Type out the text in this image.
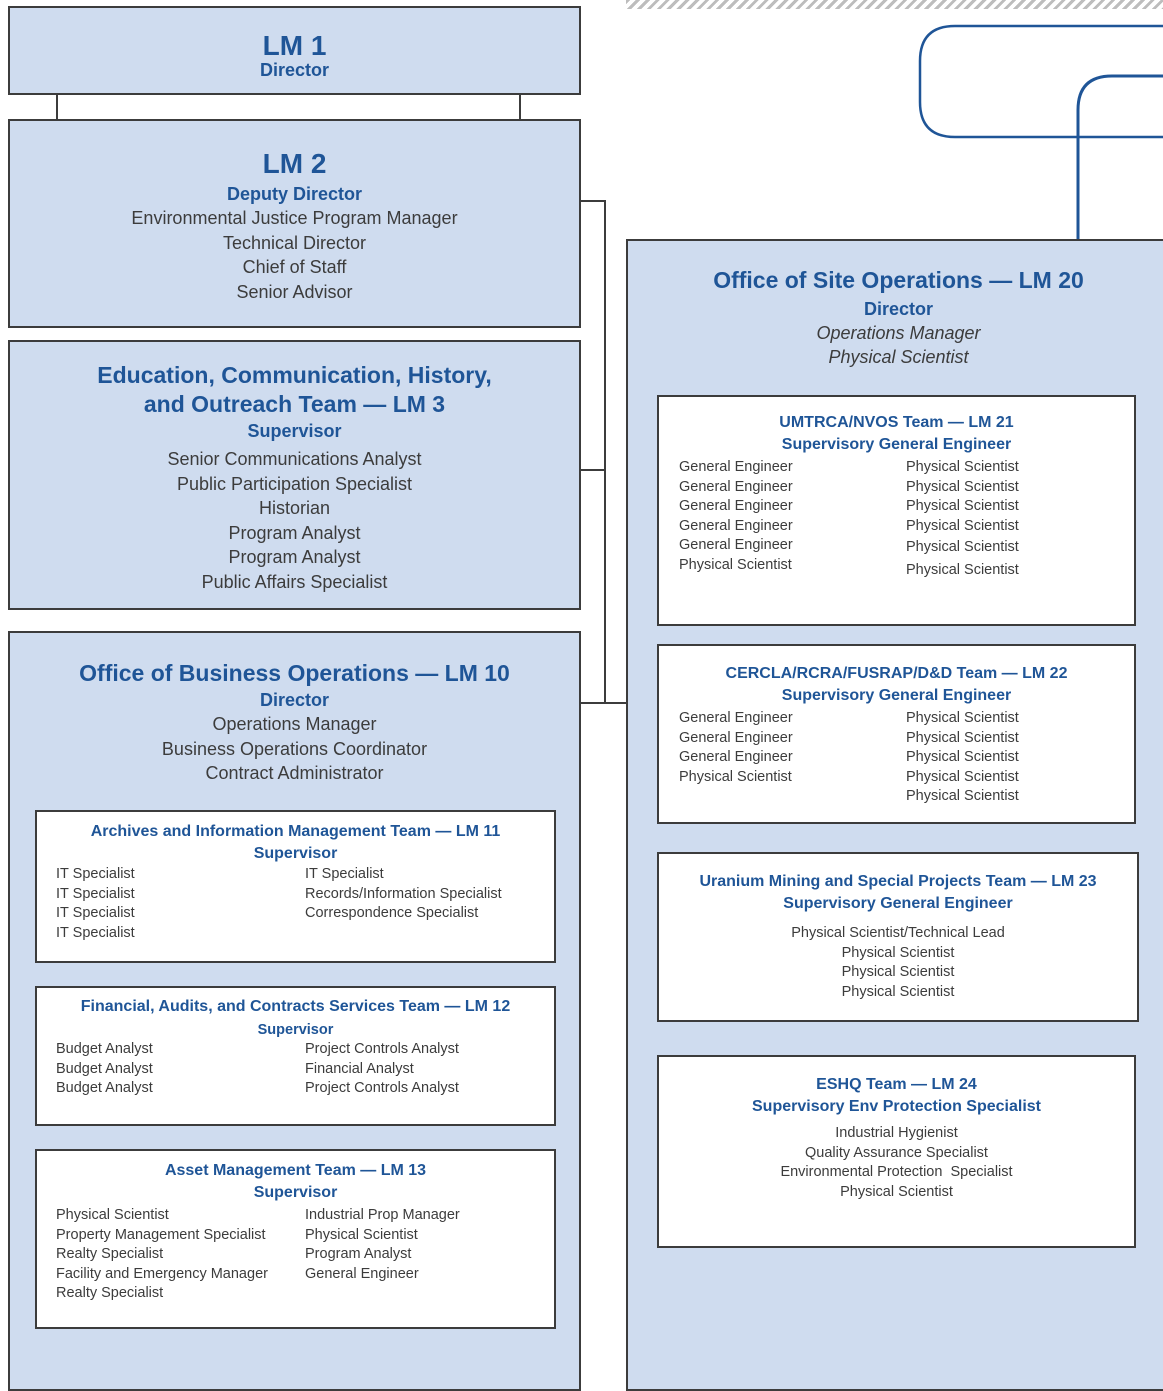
LM 1
Director
LM 2
Deputy Director
Environmental Justice Program Manager
Technical Director
Chief of Staff
Senior Advisor
Education, Communication, History,
and Outreach Team — LM 3
Supervisor
Senior Communications Analyst
Public Participation Specialist
Historian
Program Analyst
Program Analyst
Public Affairs Specialist
Office of Business Operations — LM 10
Director
Operations Manager
Business Operations Coordinator
Contract Administrator
Archives and Information Management Team — LM 11
Supervisor
IT Specialist
IT Specialist
IT Specialist
IT Specialist
IT Specialist
Records/Information Specialist
Correspondence Specialist
Financial, Audits, and Contracts Services Team — LM 12
Supervisor
Budget Analyst
Budget Analyst
Budget Analyst
Project Controls Analyst
Financial Analyst
Project Controls Analyst
Asset Management Team — LM 13
Supervisor
Physical Scientist
Property Management Specialist
Realty Specialist
Facility and Emergency Manager
Realty Specialist
Industrial Prop Manager
Physical Scientist
Program Analyst
General Engineer
Office of Site Operations — LM 20
Director
Operations Manager
Physical Scientist
UMTRCA/NVOS Team — LM 21
Supervisory General Engineer
General Engineer
General Engineer
General Engineer
General Engineer
General Engineer
Physical Scientist
Physical Scientist
Physical Scientist
Physical Scientist
Physical Scientist
Physical Scientist
Physical Scientist
CERCLA/RCRA/FUSRAP/D&D Team — LM 22
Supervisory General Engineer
General Engineer
General Engineer
General Engineer
Physical Scientist
Physical Scientist
Physical Scientist
Physical Scientist
Physical Scientist
Physical Scientist
Uranium Mining and Special Projects Team — LM 23
Supervisory General Engineer
Physical Scientist/Technical Lead
Physical Scientist
Physical Scientist
Physical Scientist
ESHQ Team — LM 24
Supervisory Env Protection Specialist
Industrial Hygienist
Quality Assurance Specialist
Environmental Protection  Specialist
Physical Scientist
